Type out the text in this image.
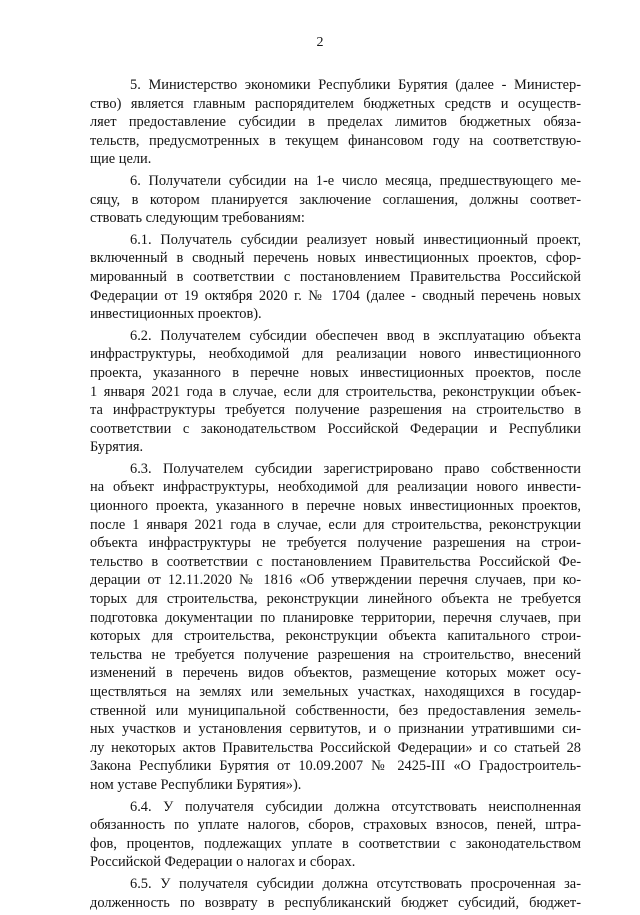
2
5. Министерство экономики Республики Бурятия (далее - Министер-
ство) является главным распорядителем бюджетных средств и осуществ-
ляет предоставление субсидии в пределах лимитов бюджетных обяза-
тельств, предусмотренных в текущем финансовом году на соответствую-
щие цели.
6. Получатели субсидии на 1-е число месяца, предшествующего ме-
сяцу, в котором планируется заключение соглашения, должны соответ-
ствовать следующим требованиям:
6.1. Получатель субсидии реализует новый инвестиционный проект,
включенный в сводный перечень новых инвестиционных проектов, сфор-
мированный в соответствии с постановлением Правительства Российской
Федерации от 19 октября 2020 г. № 1704 (далее - сводный перечень новых
инвестиционных проектов).
6.2. Получателем субсидии обеспечен ввод в эксплуатацию объекта
инфраструктуры, необходимой для реализации нового инвестиционного
проекта, указанного в перечне новых инвестиционных проектов, после
1 января 2021 года в случае, если для строительства, реконструкции объек-
та инфраструктуры требуется получение разрешения на строительство в
соответствии с законодательством Российской Федерации и Республики
Бурятия.
6.3. Получателем субсидии зарегистрировано право собственности
на объект инфраструктуры, необходимой для реализации нового инвести-
ционного проекта, указанного в перечне новых инвестиционных проектов,
после 1 января 2021 года в случае, если для строительства, реконструкции
объекта инфраструктуры не требуется получение разрешения на строи-
тельство в соответствии с постановлением Правительства Российской Фе-
дерации от 12.11.2020 № 1816 «Об утверждении перечня случаев, при ко-
торых для строительства, реконструкции линейного объекта не требуется
подготовка документации по планировке территории, перечня случаев, при
которых для строительства, реконструкции объекта капитального строи-
тельства не требуется получение разрешения на строительство, внесений
изменений в перечень видов объектов, размещение которых может осу-
ществляться на землях или земельных участках, находящихся в государ-
ственной или муниципальной собственности, без предоставления земель-
ных участков и установления сервитутов, и о признании утратившими си-
лу некоторых актов Правительства Российской Федерации» и со статьей 28
Закона Республики Бурятия от 10.09.2007 № 2425-III «О Градостроитель-
ном уставе Республики Бурятия»).
6.4. У получателя субсидии должна отсутствовать неисполненная
обязанность по уплате налогов, сборов, страховых взносов, пеней, штра-
фов, процентов, подлежащих уплате в соответствии с законодательством
Российской Федерации о налогах и сборах.
6.5. У получателя субсидии должна отсутствовать просроченная за-
долженность по возврату в республиканский бюджет субсидий, бюджет-
